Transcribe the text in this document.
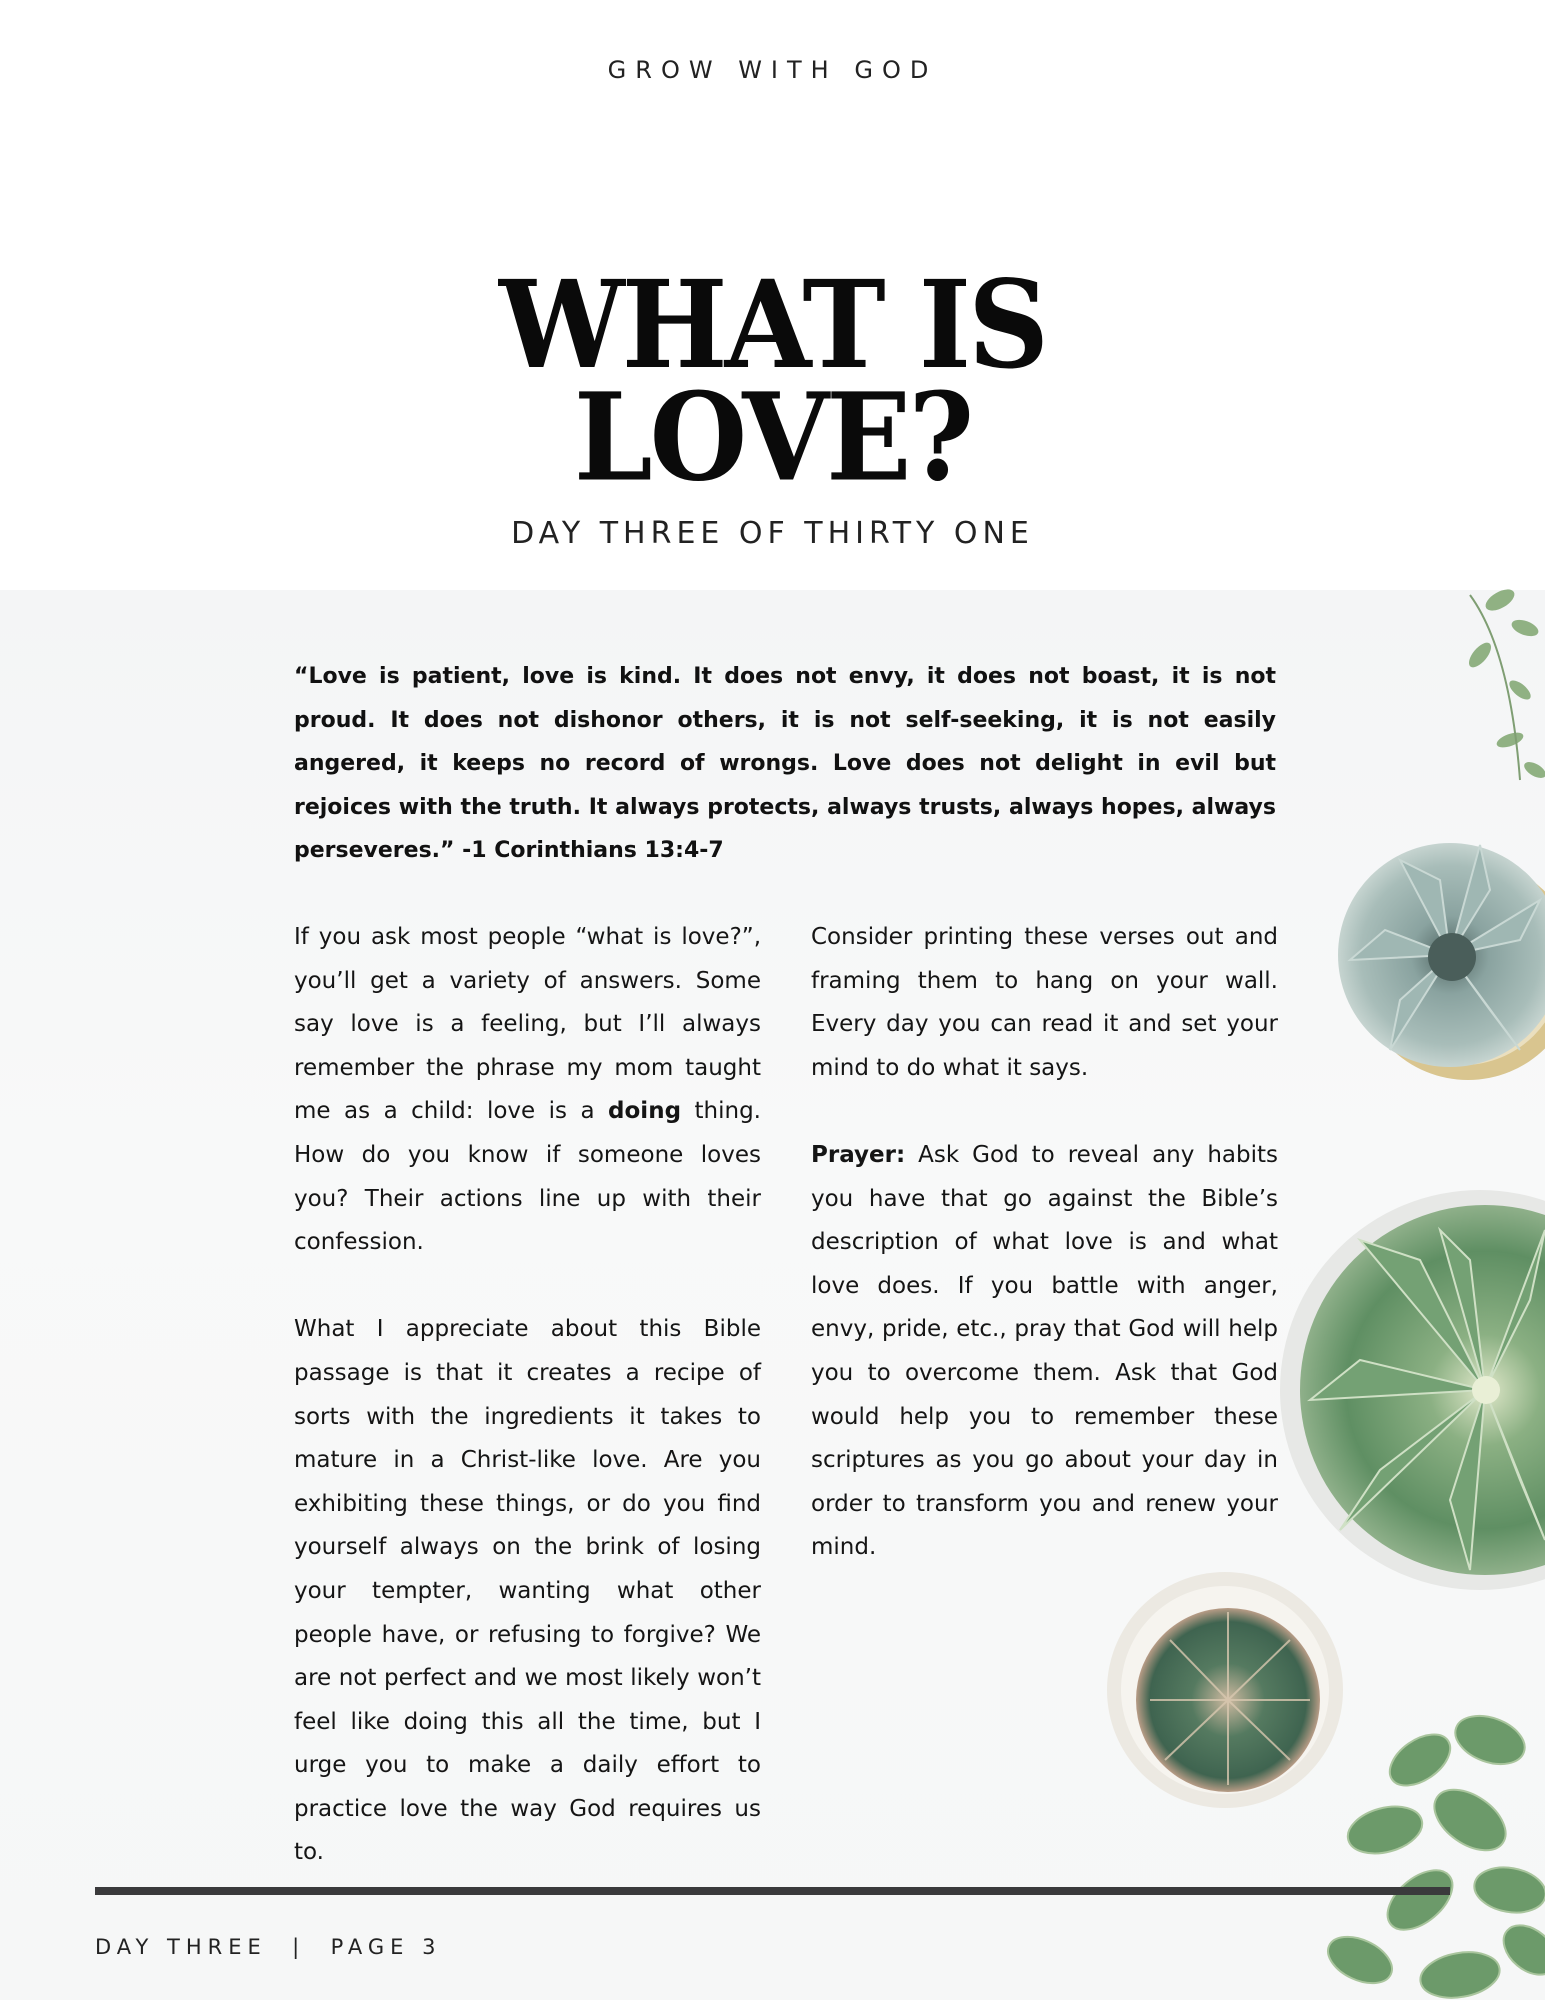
GROW WITH GOD
WHAT IS
LOVE?
DAY THREE OF THIRTY ONE
“Love is patient, love is kind. It does not envy, it does not boast, it is not proud. It does not dishonor others, it is not self-seeking, it is not easily angered, it keeps no record of wrongs. Love does not delight in evil but rejoices with the truth. It always protects, always trusts, always hopes, always perseveres.” -1 Corinthians 13:4-7

If you ask most people “what is love?”, you’ll get a variety of answers. Some say love is a feeling, but I’ll always remember the phrase my mom taught me as a child: love is a doing thing. How do you know if someone loves you? Their actions line up with their confession.

What I appreciate about this Bible passage is that it creates a recipe of sorts with the ingredients it takes to mature in a Christ-like love. Are you exhibiting these things, or do you find yourself always on the brink of losing your tempter, wanting what other people have, or refusing to forgive? We are not perfect and we most likely won’t feel like doing this all the time, but I urge you to make a daily effort to practice love the way God requires us to.

Consider printing these verses out and framing them to hang on your wall. Every day you can read it and set your mind to do what it says.

Prayer: Ask God to reveal any habits you have that go against the Bible’s description of what love is and what love does. If you battle with anger, envy, pride, etc., pray that God will help you to overcome them. Ask that God would help you to remember these scriptures as you go about your day in order to transform you and renew your mind.

DAY THREE  |  PAGE 3
